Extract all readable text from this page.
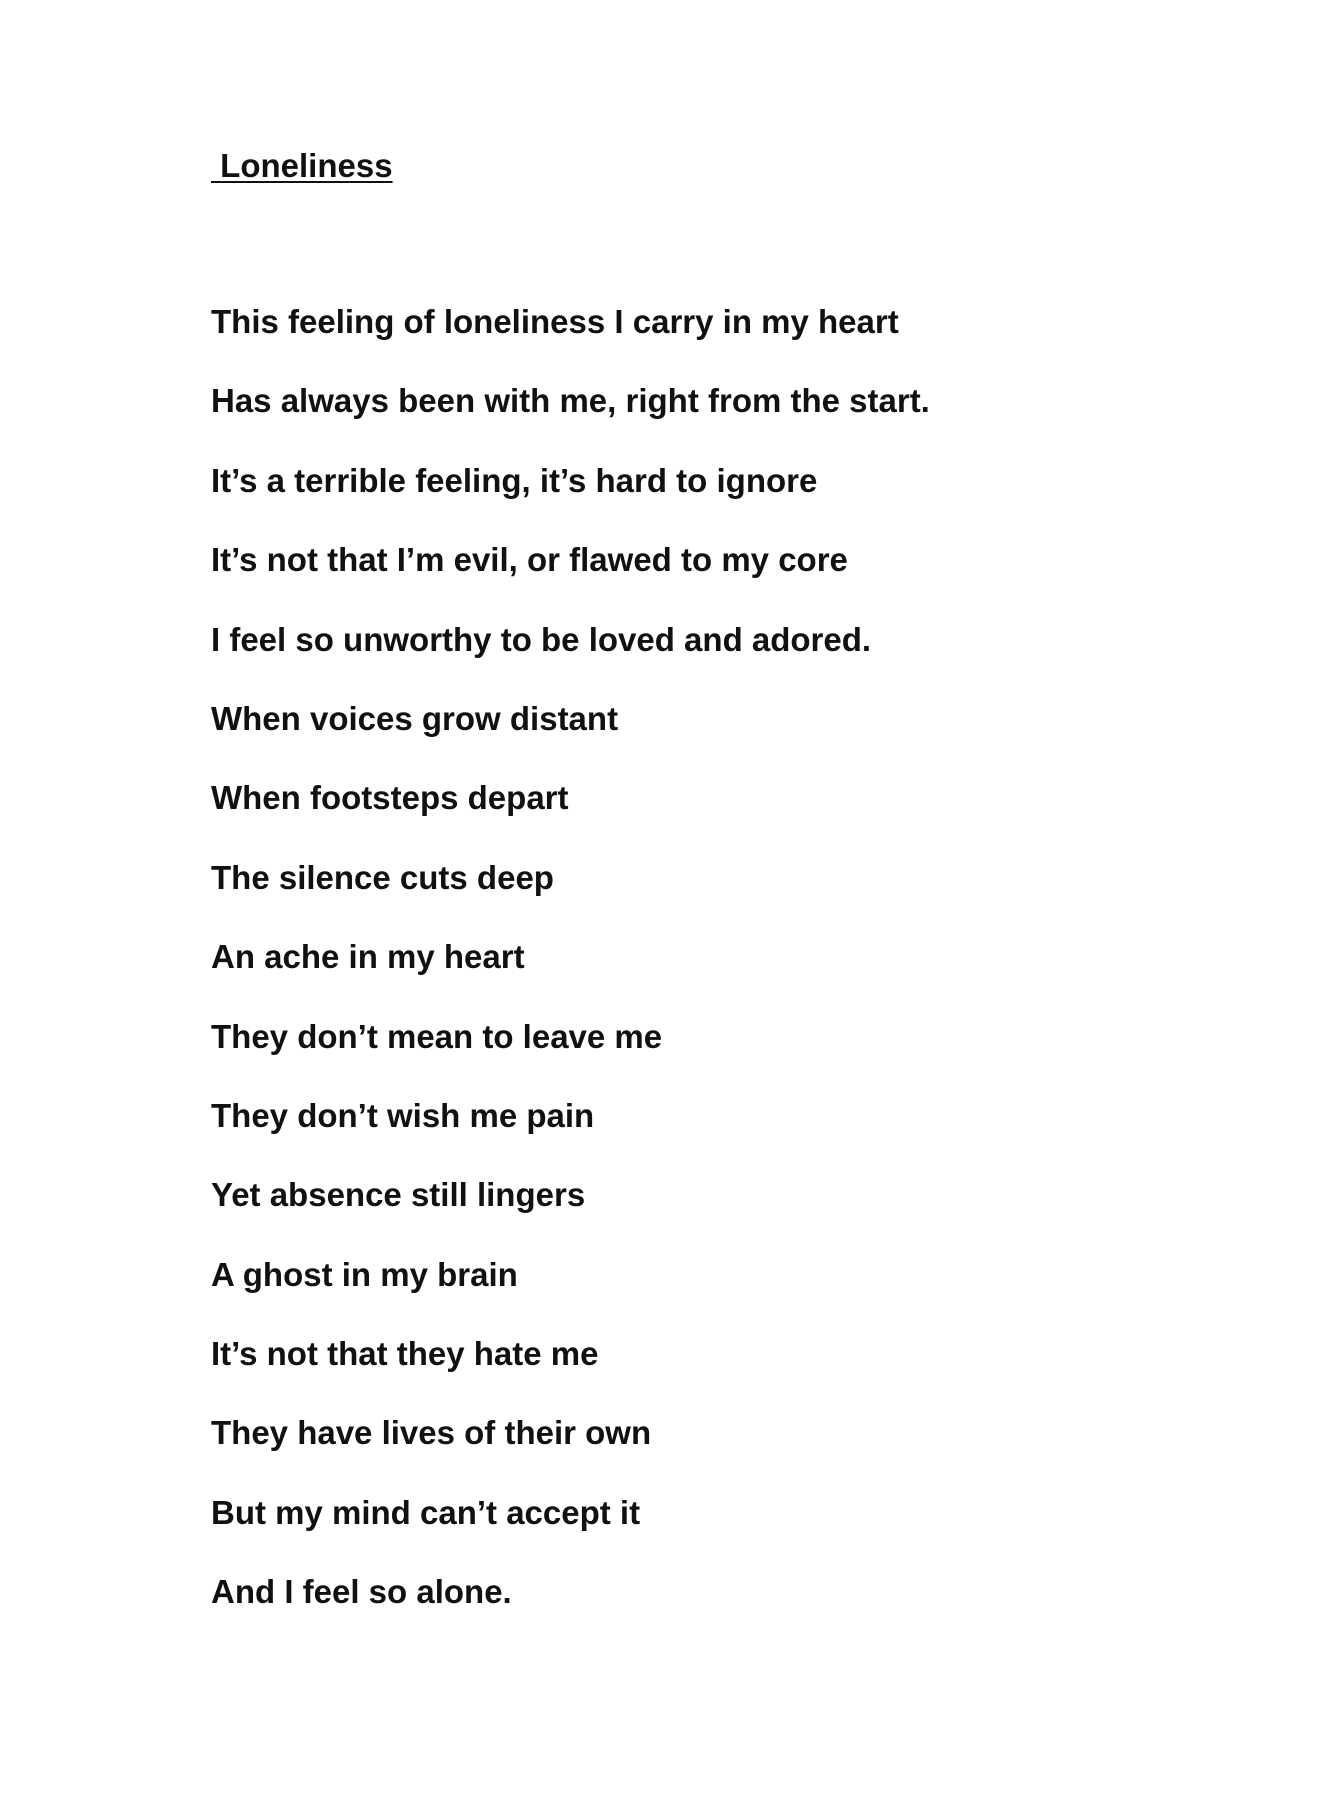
Loneliness
This feeling of loneliness I carry in my heart
Has always been with me, right from the start.
It’s a terrible feeling, it’s hard to ignore
It’s not that I’m evil, or flawed to my core
I feel so unworthy to be loved and adored.
When voices grow distant
When footsteps depart
The silence cuts deep
An ache in my heart
They don’t mean to leave me
They don’t wish me pain
Yet absence still lingers
A ghost in my brain
It’s not that they hate me
They have lives of their own
But my mind can’t accept it
And I feel so alone.
